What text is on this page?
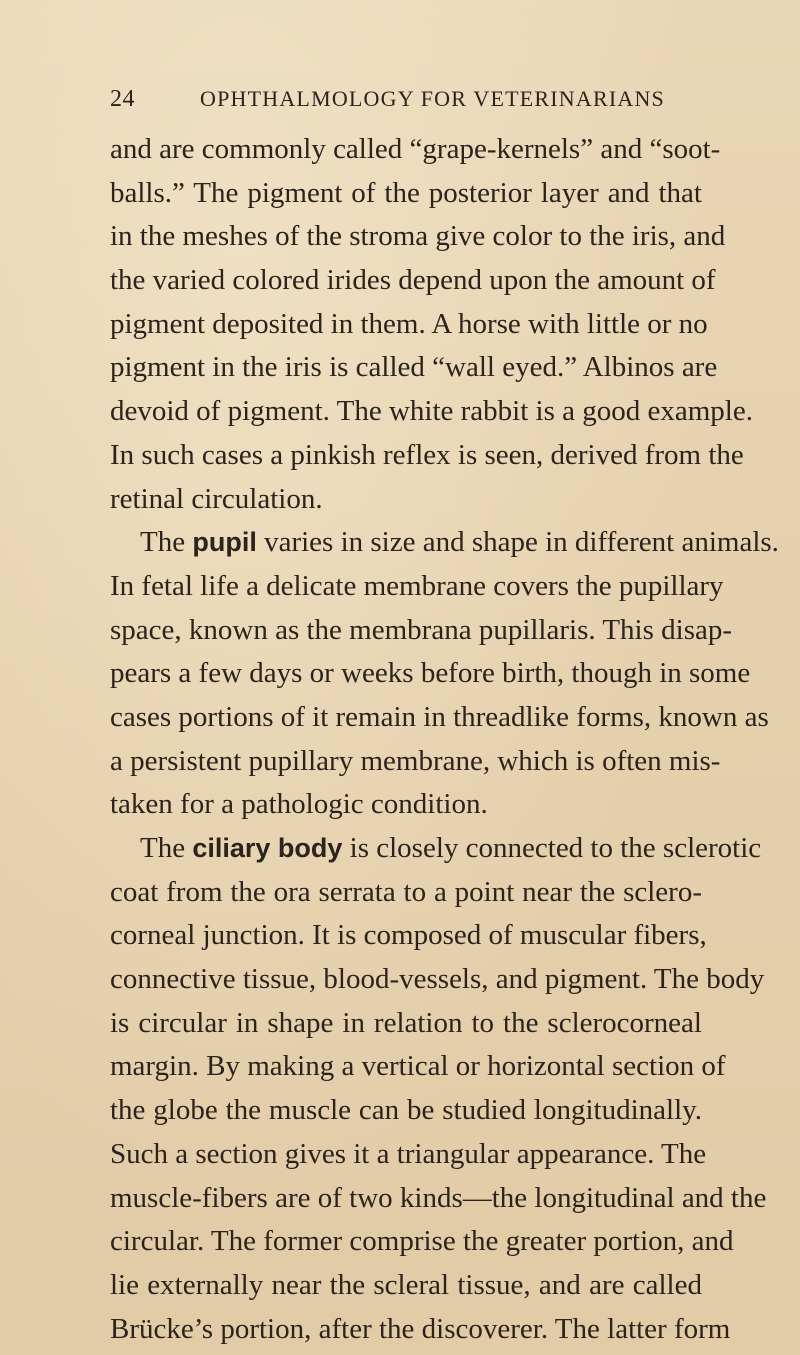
24	OPHTHALMOLOGY FOR VETERINARIANS
and are commonly called “grape-kernels” and “soot-
balls.” The pigment of the posterior layer and that
in the meshes of the stroma give color to the iris, and
the varied colored irides depend upon the amount of
pigment deposited in them. A horse with little or no
pigment in the iris is called “wall eyed.” Albinos are
devoid of pigment. The white rabbit is a good example.
In such cases a pinkish reflex is seen, derived from the
retinal circulation.
The pupil varies in size and shape in different animals.
In fetal life a delicate membrane covers the pupillary
space, known as the membrana pupillaris. This disap-
pears a few days or weeks before birth, though in some
cases portions of it remain in threadlike forms, known as
a persistent pupillary membrane, which is often mis-
taken for a pathologic condition.
The ciliary body is closely connected to the sclerotic
coat from the ora serrata to a point near the sclero-
corneal junction. It is composed of muscular fibers,
connective tissue, blood-vessels, and pigment. The body
is circular in shape in relation to the sclerocorneal
margin. By making a vertical or horizontal section of
the globe the muscle can be studied longitudinally.
Such a section gives it a triangular appearance. The
muscle-fibers are of two kinds—the longitudinal and the
circular. The former comprise the greater portion, and
lie externally near the scleral tissue, and are called
Brücke’s portion, after the discoverer. The latter form
